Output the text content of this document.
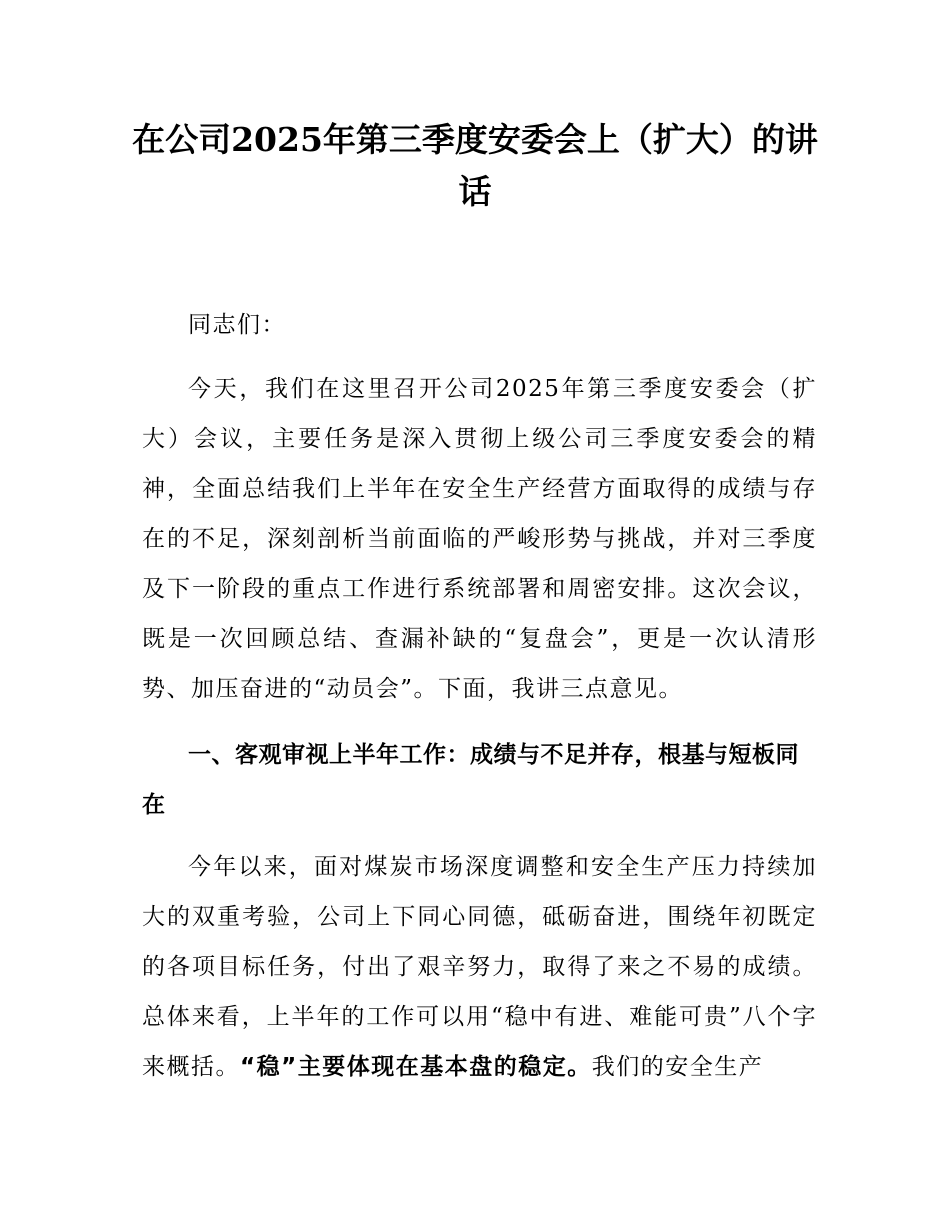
在公司2025年第三季度安委会上（扩大）的讲话

同志们：

今天，我们在这里召开公司2025年第三季度安委会（扩大）会议，主要任务是深入贯彻上级公司三季度安委会的精神，全面总结我们上半年在安全生产经营方面取得的成绩与存在的不足，深刻剖析当前面临的严峻形势与挑战，并对三季度及下一阶段的重点工作进行系统部署和周密安排。这次会议，既是一次回顾总结、查漏补缺的“复盘会”，更是一次认清形势、加压奋进的“动员会”。下面，我讲三点意见。

一、客观审视上半年工作：成绩与不足并存，根基与短板同在

今年以来，面对煤炭市场深度调整和安全生产压力持续加大的双重考验，公司上下同心同德，砥砺奋进，围绕年初既定的各项目标任务，付出了艰辛努力，取得了来之不易的成绩。总体来看，上半年的工作可以用“稳中有进、难能可贵”八个字来概括。“稳”主要体现在基本盘的稳定。我们的安全生产
